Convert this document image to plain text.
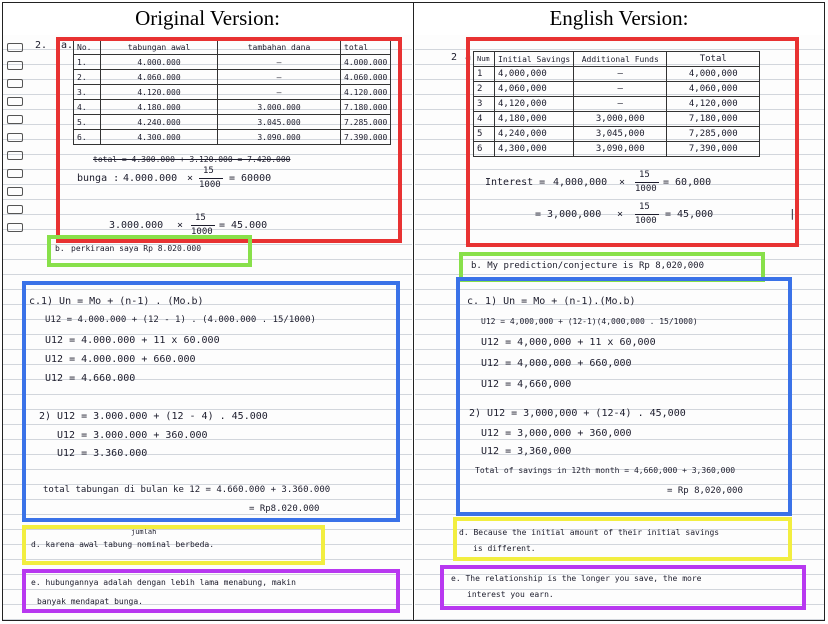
Original Version:	English Version:
2. a. No.	tabungan awal	tambahan dana	total
1.	4.000.000	—	4.000.000
2.	4.060.000	—	4.060.000
3.	4.120.000	—	4.120.000
4.	4.180.000	3.000.000	7.180.000
5.	4.240.000	3.045.000	7.285.000
6.	4.300.000	3.090.000	7.390.000
total = 4.300.000 + 3.120.000 = 7.420.000
bunga : 4.000.000 ×
15
1000
= 60000
3.000.000 ×
15
1000
= 45.000
b. perkiraan saya Rp 8.020.000
c. 1) Un = Mo + (n-1) . (Mo.b)
U12 = 4.000.000 + (12 - 1) . (4.000.000 . 15/1000)
U12 = 4.000.000 + 11 x 60.000
U12 = 4.000.000 + 660.000
U12 = 4.660.000
2) U12 = 3.000.000 + (12 - 4) . 45.000
U12 = 3.000.000 + 360.000
U12 = 3.360.000
total tabungan di bulan ke 12 = 4.660.000 + 3.360.000
= Rp8.020.000
jumlah
d. karena awal tabung nominal berbeda.
e. hubungannya adalah dengan lebih lama menabung, makin
banyak mendapat bunga.
2 a Num	Initial Savings	Additional Funds	Total
1	4,000,000	—	4,000,000
2	4,060,000	—	4,060,000
3	4,120,000	—	4,120,000
4	4,180,000	3,000,000	7,180,000
5	4,240,000	3,045,000	7,285,000
6	4,300,000	3,090,000	7,390,000
Interest = 4,000,000 ×
15
1000
= 60,000
= 3,000,000 ×
15
1000
= 45,000	|
b. My prediction/conjecture is Rp 8,020,000
c. 1) Un = Mo + (n-1).(Mo.b)
U12 = 4,000,000 + (12-1)(4,000,000 . 15/1000)
U12 = 4,000,000 + 11 x 60,000
U12 = 4,000,000 + 660,000
U12 = 4,660,000
2) U12 = 3,000,000 + (12-4) . 45,000
U12 = 3,000,000 + 360,000
U12 = 3,360,000
Total of savings in 12th month = 4,660,000 + 3,360,000
= Rp 8,020,000
d. Because the initial amount of their initial savings
is different.
e. The relationship is the longer you save, the more
interest you earn.
